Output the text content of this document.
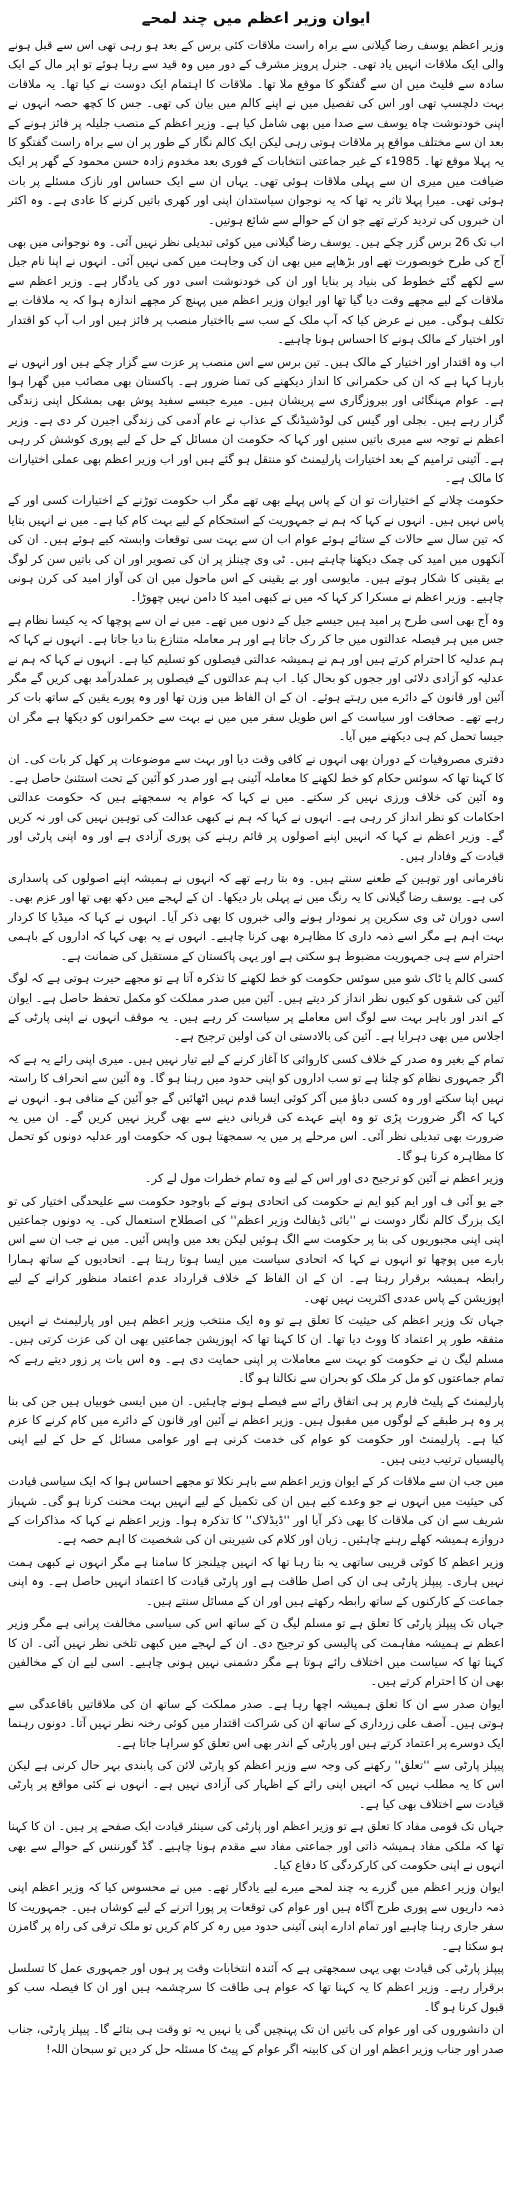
ایوان وزیر اعظم میں چند لمحے

وزیر اعظم یوسف رضا گیلانی سے براہ راست ملاقات کئی برس کے بعد ہو رہی تھی اس سے قبل ہونے والی ایک ملاقات انہیں یاد تھی۔ جنرل پرویز مشرف کے دور میں وہ قید سے رہا ہوئے تو اپر مال کے ایک سادہ سے فلیٹ میں ان سے گفتگو کا موقع ملا تھا۔ ملاقات کا اہتمام ایک دوست نے کیا تھا۔ یہ ملاقات بہت دلچسپ تھی اور اس کی تفصیل میں نے اپنے کالم میں بیان کی تھی۔ جس کا کچھ حصہ انہوں نے اپنی خودنوشت چاہ یوسف سے صدا میں بھی شامل کیا ہے۔ وزیر اعظم کے منصب جلیلہ پر فائز ہونے کے بعد ان سے مختلف مواقع پر ملاقات ہوتی رہی لیکن ایک کالم نگار کے طور پر ان سے براہ راست گفتگو کا یہ پہلا موقع تھا۔ 1985ء کے غیر جماعتی انتخابات کے فوری بعد مخدوم زادہ حسن محمود کے گھر پر ایک ضیافت میں میری ان سے پہلی ملاقات ہوئی تھی۔ یہاں ان سے ایک حساس اور نازک مسئلے پر بات ہوئی تھی۔ میرا پہلا تاثر یہ تھا کہ یہ نوجوان سیاستدان اپنی اور کھری باتیں کرنے کا عادی ہے۔ وہ اکثر ان خبروں کی تردید کرتے تھے جو ان کے حوالے سے شائع ہوتیں۔

اب تک 26 برس گزر چکے ہیں۔ یوسف رضا گیلانی میں کوئی تبدیلی نظر نہیں آئی۔ وہ نوجوانی میں بھی آج کی طرح خوبصورت تھے اور بڑھاپے میں بھی ان کی وجاہت میں کمی نہیں آئی۔ انہوں نے اپنا نام جیل سے لکھے گئے خطوط کی بنیاد پر بنایا اور ان کی خودنوشت اسی دور کی یادگار ہے۔ وزیر اعظم سے ملاقات کے لیے مجھے وقت دیا گیا تھا اور ایوان وزیر اعظم میں پہنچ کر مجھے اندازہ ہوا کہ یہ ملاقات بے تکلف ہوگی۔ میں نے عرض کیا کہ آپ ملک کے سب سے بااختیار منصب پر فائز ہیں اور اب آپ کو اقتدار اور اختیار کے مالک ہونے کا احساس ہونا چاہیے۔

اب وہ اقتدار اور اختیار کے مالک ہیں۔ تین برس سے اس منصب پر عزت سے گزار چکے ہیں اور انہوں نے بارہا کہا ہے کہ ان کی حکمرانی کا انداز دیکھنے کی تمنا ضرور ہے۔ پاکستان بھی مصائب میں گھرا ہوا ہے۔ عوام مہنگائی اور بیروزگاری سے پریشان ہیں۔ میرے جیسے سفید پوش بھی بمشکل اپنی زندگی گزار رہے ہیں۔ بجلی اور گیس کی لوڈشیڈنگ کے عذاب نے عام آدمی کی زندگی اجیرن کر دی ہے۔ وزیر اعظم نے توجہ سے میری باتیں سنیں اور کہا کہ حکومت ان مسائل کے حل کے لیے پوری کوشش کر رہی ہے۔ آئینی ترامیم کے بعد اختیارات پارلیمنٹ کو منتقل ہو گئے ہیں اور اب وزیر اعظم بھی عملی اختیارات کا مالک ہے۔

حکومت چلانے کے اختیارات تو ان کے پاس پہلے بھی تھے مگر اب حکومت توڑنے کے اختیارات کسی اور کے پاس نہیں ہیں۔ انہوں نے کہا کہ ہم نے جمہوریت کے استحکام کے لیے بہت کام کیا ہے۔ میں نے انہیں بتایا کہ تین سال سے حالات کے ستائے ہوئے عوام اب ان سے بہت سی توقعات وابستہ کیے ہوئے ہیں۔ ان کی آنکھوں میں امید کی چمک دیکھنا چاہتے ہیں۔ ٹی وی چینلز پر ان کی تصویر اور ان کی باتیں سن کر لوگ بے یقینی کا شکار ہوتے ہیں۔ مایوسی اور بے یقینی کے اس ماحول میں ان کی آواز امید کی کرن ہونی چاہیے۔ وزیر اعظم نے مسکرا کر کہا کہ میں نے کبھی امید کا دامن نہیں چھوڑا۔

وہ آج بھی اسی طرح پر امید ہیں جیسے جیل کے دنوں میں تھے۔ میں نے ان سے پوچھا کہ یہ کیسا نظام ہے جس میں ہر فیصلہ عدالتوں میں جا کر رک جاتا ہے اور ہر معاملہ متنازع بنا دیا جاتا ہے۔ انہوں نے کہا کہ ہم عدلیہ کا احترام کرتے ہیں اور ہم نے ہمیشہ عدالتی فیصلوں کو تسلیم کیا ہے۔ انہوں نے کہا کہ ہم نے عدلیہ کو آزادی دلائی اور ججوں کو بحال کیا۔ اب ہم عدالتوں کے فیصلوں پر عملدرآمد بھی کریں گے مگر آئین اور قانون کے دائرے میں رہتے ہوئے۔ ان کے ان الفاظ میں وزن تھا اور وہ پورے یقین کے ساتھ بات کر رہے تھے۔ صحافت اور سیاست کے اس طویل سفر میں میں نے بہت سے حکمرانوں کو دیکھا ہے مگر ان جیسا تحمل کم ہی دیکھنے میں آیا۔

دفتری مصروفیات کے دوران بھی انہوں نے کافی وقت دیا اور بہت سے موضوعات پر کھل کر بات کی۔ ان کا کہنا تھا کہ سوئس حکام کو خط لکھنے کا معاملہ آئینی ہے اور صدر کو آئین کے تحت استثنیٰ حاصل ہے۔ وہ آئین کی خلاف ورزی نہیں کر سکتے۔ میں نے کہا کہ عوام یہ سمجھتے ہیں کہ حکومت عدالتی احکامات کو نظر انداز کر رہی ہے۔ انہوں نے کہا کہ ہم نے کبھی عدالت کی توہین نہیں کی اور نہ کریں گے۔ وزیر اعظم نے کہا کہ انہیں اپنے اصولوں پر قائم رہنے کی پوری آزادی ہے اور وہ اپنی پارٹی اور قیادت کے وفادار ہیں۔

نافرمانی اور توہین کے طعنے سنتے ہیں۔ وہ بتا رہے تھے کہ انہوں نے ہمیشہ اپنے اصولوں کی پاسداری کی ہے۔ یوسف رضا گیلانی کا یہ رنگ میں نے پہلی بار دیکھا۔ ان کے لہجے میں دکھ بھی تھا اور عزم بھی۔ اسی دوران ٹی وی سکرین پر نمودار ہونے والی خبروں کا بھی ذکر آیا۔ انہوں نے کہا کہ میڈیا کا کردار بہت اہم ہے مگر اسے ذمہ داری کا مظاہرہ بھی کرنا چاہیے۔ انہوں نے یہ بھی کہا کہ اداروں کے باہمی احترام سے ہی جمہوریت مضبوط ہو سکتی ہے اور یہی پاکستان کے مستقبل کی ضمانت ہے۔

کسی کالم یا ٹاک شو میں سوئس حکومت کو خط لکھنے کا تذکرہ آتا ہے تو مجھے حیرت ہوتی ہے کہ لوگ آئین کی شقوں کو کیوں نظر انداز کر دیتے ہیں۔ آئین میں صدر مملکت کو مکمل تحفظ حاصل ہے۔ ایوان کے اندر اور باہر بہت سے لوگ اس معاملے پر سیاست کر رہے ہیں۔ یہ موقف انہوں نے اپنی پارٹی کے اجلاس میں بھی دہرایا ہے۔ آئین کی بالادستی ان کی اولین ترجیح ہے۔

تمام کے بغیر وہ صدر کے خلاف کسی کاروائی کا آغاز کرنے کے لیے تیار نہیں ہیں۔ میری اپنی رائے یہ ہے کہ اگر جمہوری نظام کو چلنا ہے تو سب اداروں کو اپنی حدود میں رہنا ہو گا۔ وہ آئین سے انحراف کا راستہ نہیں اپنا سکتے اور وہ کسی دباؤ میں آکر کوئی ایسا قدم نہیں اٹھائیں گے جو آئین کے منافی ہو۔ انہوں نے کہا کہ اگر ضرورت پڑی تو وہ اپنے عہدے کی قربانی دینے سے بھی گریز نہیں کریں گے۔ ان میں یہ ضرورت بھی تبدیلی نظر آئی۔ اس مرحلے پر میں یہ سمجھتا ہوں کہ حکومت اور عدلیہ دونوں کو تحمل کا مظاہرہ کرنا ہو گا۔

وزیر اعظم نے آئین کو ترجیح دی اور اس کے لیے وہ تمام خطرات مول لے کر۔

جے یو آئی ف اور ایم کیو ایم نے حکومت کی اتحادی ہونے کے باوجود حکومت سے علیحدگی اختیار کی تو ایک بزرگ کالم نگار دوست نے ''بائی ڈیفالٹ وزیر اعظم'' کی اصطلاح استعمال کی۔ یہ دونوں جماعتیں اپنی اپنی مجبوریوں کی بنا پر حکومت سے الگ ہوئیں لیکن بعد میں واپس آئیں۔ میں نے جب ان سے اس بارے میں پوچھا تو انہوں نے کہا کہ اتحادی سیاست میں ایسا ہوتا رہتا ہے۔ اتحادیوں کے ساتھ ہمارا رابطہ ہمیشہ برقرار رہتا ہے۔ ان کے ان الفاظ کے خلاف قرارداد عدم اعتماد منظور کرانے کے لیے اپوزیشن کے پاس عددی اکثریت نہیں تھی۔

جہاں تک وزیر اعظم کی حیثیت کا تعلق ہے تو وہ ایک منتخب وزیر اعظم ہیں اور پارلیمنٹ نے انہیں متفقہ طور پر اعتماد کا ووٹ دیا تھا۔ ان کا کہنا تھا کہ اپوزیشن جماعتیں بھی ان کی عزت کرتی ہیں۔ مسلم لیگ ن نے حکومت کو بہت سے معاملات پر اپنی حمایت دی ہے۔ وہ اس بات پر زور دیتے رہے کہ تمام جماعتوں کو مل کر ملک کو بحران سے نکالنا ہو گا۔

پارلیمنٹ کے پلیٹ فارم پر ہی اتفاق رائے سے فیصلے ہونے چاہئیں۔ ان میں ایسی خوبیاں ہیں جن کی بنا پر وہ ہر طبقے کے لوگوں میں مقبول ہیں۔ وزیر اعظم نے آئین اور قانون کے دائرے میں کام کرنے کا عزم کیا ہے۔ پارلیمنٹ اور حکومت کو عوام کی خدمت کرنی ہے اور عوامی مسائل کے حل کے لیے اپنی پالیسیاں ترتیب دینی ہیں۔

میں جب ان سے ملاقات کر کے ایوان وزیر اعظم سے باہر نکلا تو مجھے احساس ہوا کہ ایک سیاسی قیادت کی حیثیت میں انہوں نے جو وعدے کیے ہیں ان کی تکمیل کے لیے انہیں بہت محنت کرنا ہو گی۔ شہباز شریف سے ان کی ملاقات کا بھی ذکر آیا اور ''ڈیڈلاک'' کا تذکرہ ہوا۔ وزیر اعظم نے کہا کہ مذاکرات کے دروازے ہمیشہ کھلے رہنے چاہئیں۔ زبان اور کلام کی شیرینی ان کی شخصیت کا اہم حصہ ہے۔

وزیر اعظم کا کوئی قریبی ساتھی یہ بتا رہا تھا کہ انہیں چیلنجز کا سامنا ہے مگر انہوں نے کبھی ہمت نہیں ہاری۔ پیپلز پارٹی ہی ان کی اصل طاقت ہے اور پارٹی قیادت کا اعتماد انہیں حاصل ہے۔ وہ اپنی جماعت کے کارکنوں کے ساتھ رابطہ رکھتے ہیں اور ان کے مسائل سنتے ہیں۔

جہاں تک پیپلز پارٹی کا تعلق ہے تو مسلم لیگ ن کے ساتھ اس کی سیاسی مخالفت پرانی ہے مگر وزیر اعظم نے ہمیشہ مفاہمت کی پالیسی کو ترجیح دی۔ ان کے لہجے میں کبھی تلخی نظر نہیں آئی۔ ان کا کہنا تھا کہ سیاست میں اختلاف رائے ہوتا ہے مگر دشمنی نہیں ہونی چاہیے۔ اسی لیے ان کے مخالفین بھی ان کا احترام کرتے ہیں۔

ایوان صدر سے ان کا تعلق ہمیشہ اچھا رہا ہے۔ صدر مملکت کے ساتھ ان کی ملاقاتیں باقاعدگی سے ہوتی ہیں۔ آصف علی زرداری کے ساتھ ان کی شراکت اقتدار میں کوئی رخنہ نظر نہیں آتا۔ دونوں رہنما ایک دوسرے پر اعتماد کرتے ہیں اور پارٹی کے اندر بھی اس تعلق کو سراہا جاتا ہے۔

پیپلز پارٹی سے ''تعلق'' رکھنے کی وجہ سے وزیر اعظم کو پارٹی لائن کی پابندی بہر حال کرنی ہے لیکن اس کا یہ مطلب نہیں کہ انہیں اپنی رائے کے اظہار کی آزادی نہیں ہے۔ انہوں نے کئی مواقع پر پارٹی قیادت سے اختلاف بھی کیا ہے۔

جہاں تک قومی مفاد کا تعلق ہے تو وزیر اعظم اور پارٹی کی سینئر قیادت ایک صفحے پر ہیں۔ ان کا کہنا تھا کہ ملکی مفاد ہمیشہ ذاتی اور جماعتی مفاد سے مقدم ہونا چاہیے۔ گڈ گورننس کے حوالے سے بھی انہوں نے اپنی حکومت کی کارکردگی کا دفاع کیا۔

ایوان وزیر اعظم میں گزرے یہ چند لمحے میرے لیے یادگار تھے۔ میں نے محسوس کیا کہ وزیر اعظم اپنی ذمہ داریوں سے پوری طرح آگاہ ہیں اور عوام کی توقعات پر پورا اترنے کے لیے کوشاں ہیں۔ جمہوریت کا سفر جاری رہنا چاہیے اور تمام ادارے اپنی آئینی حدود میں رہ کر کام کریں تو ملک ترقی کی راہ پر گامزن ہو سکتا ہے۔

پیپلز پارٹی کی قیادت بھی یہی سمجھتی ہے کہ آئندہ انتخابات وقت پر ہوں اور جمہوری عمل کا تسلسل برقرار رہے۔ وزیر اعظم کا یہ کہنا تھا کہ عوام ہی طاقت کا سرچشمہ ہیں اور ان کا فیصلہ سب کو قبول کرنا ہو گا۔

ان دانشوروں کی اور عوام کی باتیں ان تک پہنچیں گی یا نہیں یہ تو وقت ہی بتائے گا۔ پیپلز پارٹی، جناب صدر اور جناب وزیر اعظم اور ان کی کابینہ اگر عوام کے پیٹ کا مسئلہ حل کر دیں تو سبحان اللہ!
